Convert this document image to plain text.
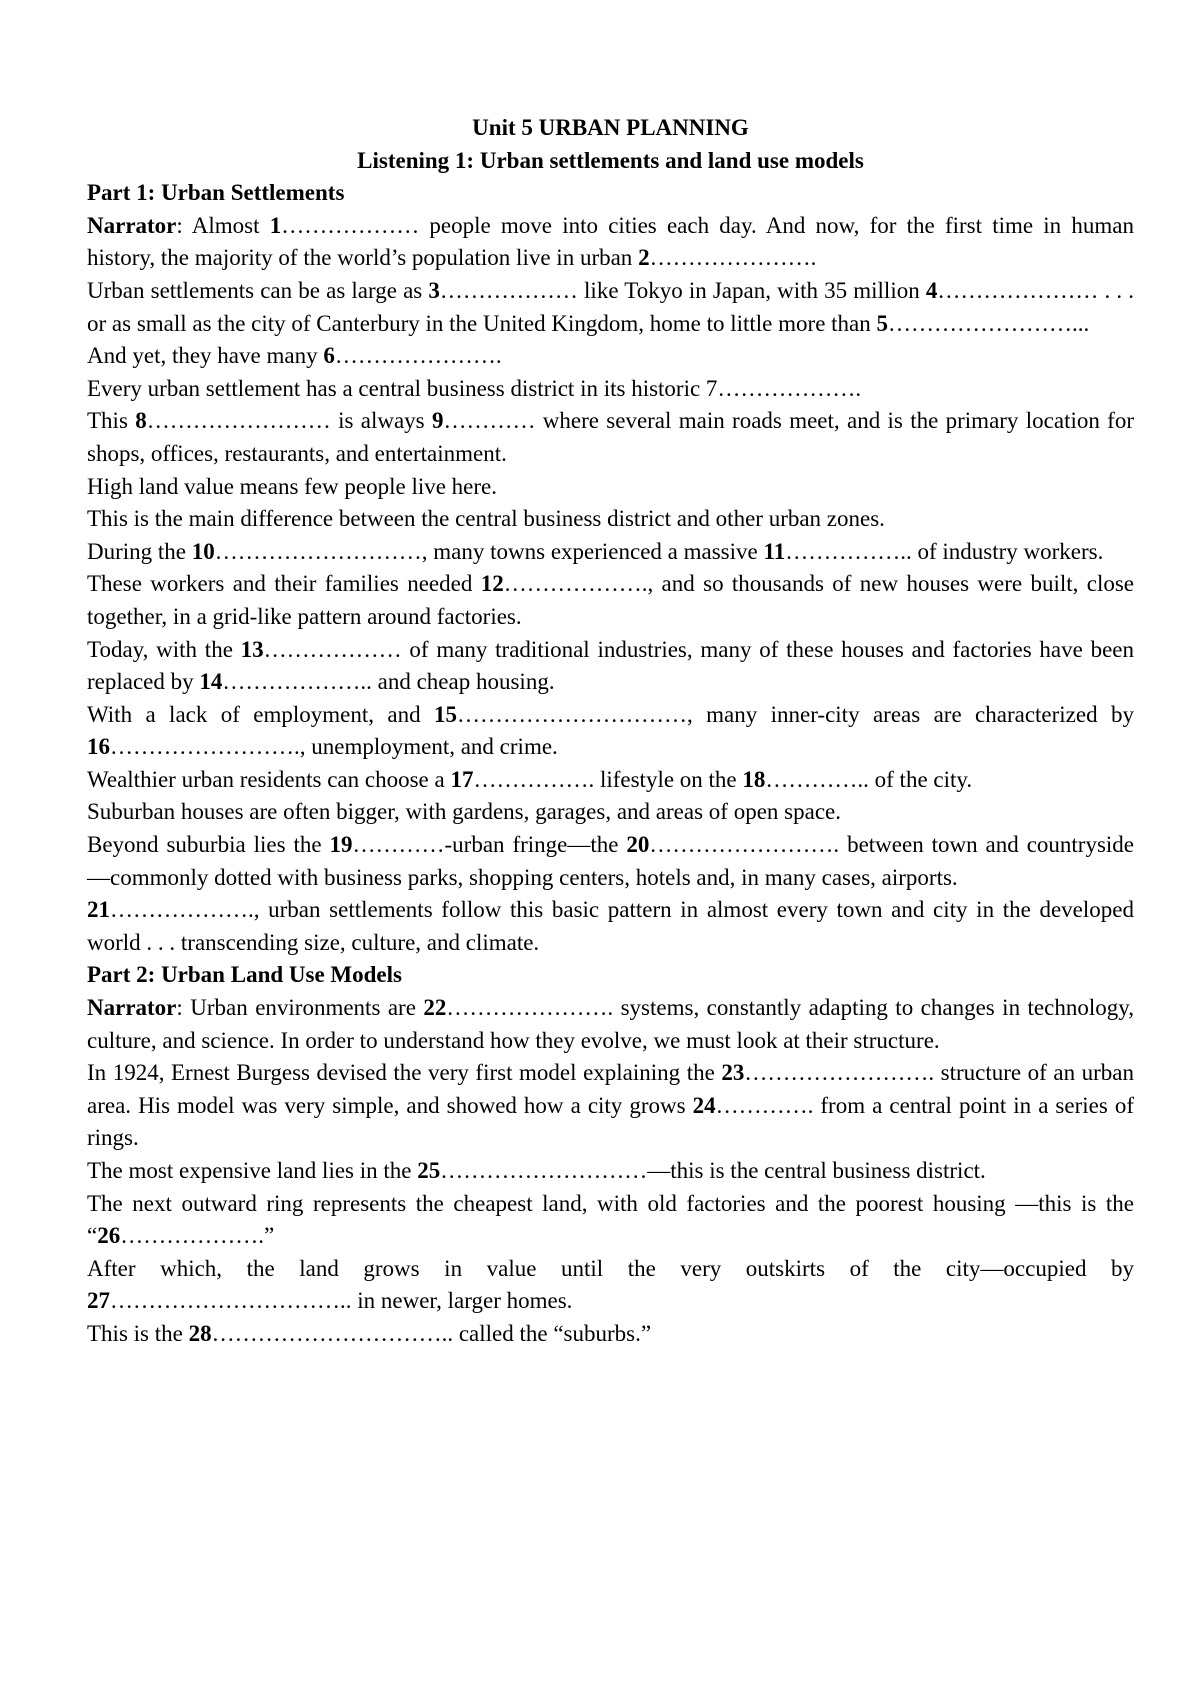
Unit 5 URBAN PLANNING
Listening 1: Urban settlements and land use models
Part 1: Urban Settlements

Narrator: Almost 1……………… people move into cities each day. And now, for the first time in human history, the majority of the world’s population live in urban 2………………….

Urban settlements can be as large as 3……………… like Tokyo in Japan, with 35 million 4………………… . . . or as small as the city of Canterbury in the United Kingdom, home to little more than 5……………………...

And yet, they have many 6………………….

Every urban settlement has a central business district in its historic 7……………….

This 8…………………… is always 9………… where several main roads meet, and is the primary location for shops, offices, restaurants, and entertainment.

High land value means few people live here.

This is the main difference between the central business district and other urban zones.

During the 10………………………, many towns experienced a massive 11…………….. of industry workers.

These workers and their families needed 12………………., and so thousands of new houses were built, close together, in a grid-like pattern around factories.

Today, with the 13……………… of many traditional industries, many of these houses and factories have been replaced by 14……………….. and cheap housing.

With a lack of employment, and 15…………………………, many inner-city areas are characterized by 16……………………., unemployment, and crime.

Wealthier urban residents can choose a 17……………. lifestyle on the 18………….. of the city.

Suburban houses are often bigger, with gardens, garages, and areas of open space.

Beyond suburbia lies the 19…………-urban fringe—the 20……………………. between town and countryside—commonly dotted with business parks, shopping centers, hotels and, in many cases, airports.

21………………., urban settlements follow this basic pattern in almost every town and city in the developed world . . . transcending size, culture, and climate.

Part 2: Urban Land Use Models

Narrator: Urban environments are 22…………………. systems, constantly adapting to changes in technology, culture, and science. In order to understand how they evolve, we must look at their structure.

In 1924, Ernest Burgess devised the very first model explaining the 23……………………. structure of an urban area. His model was very simple, and showed how a city grows 24…………. from a central point in a series of rings.

The most expensive land lies in the 25………………………—this is the central business district.

The next outward ring represents the cheapest land, with old factories and the poorest housing —this is the “26……………….”

After which, the land grows in value until the very outskirts of the city—occupied by 27………………………….. in newer, larger homes.

This is the 28………………………….. called the “suburbs.”
